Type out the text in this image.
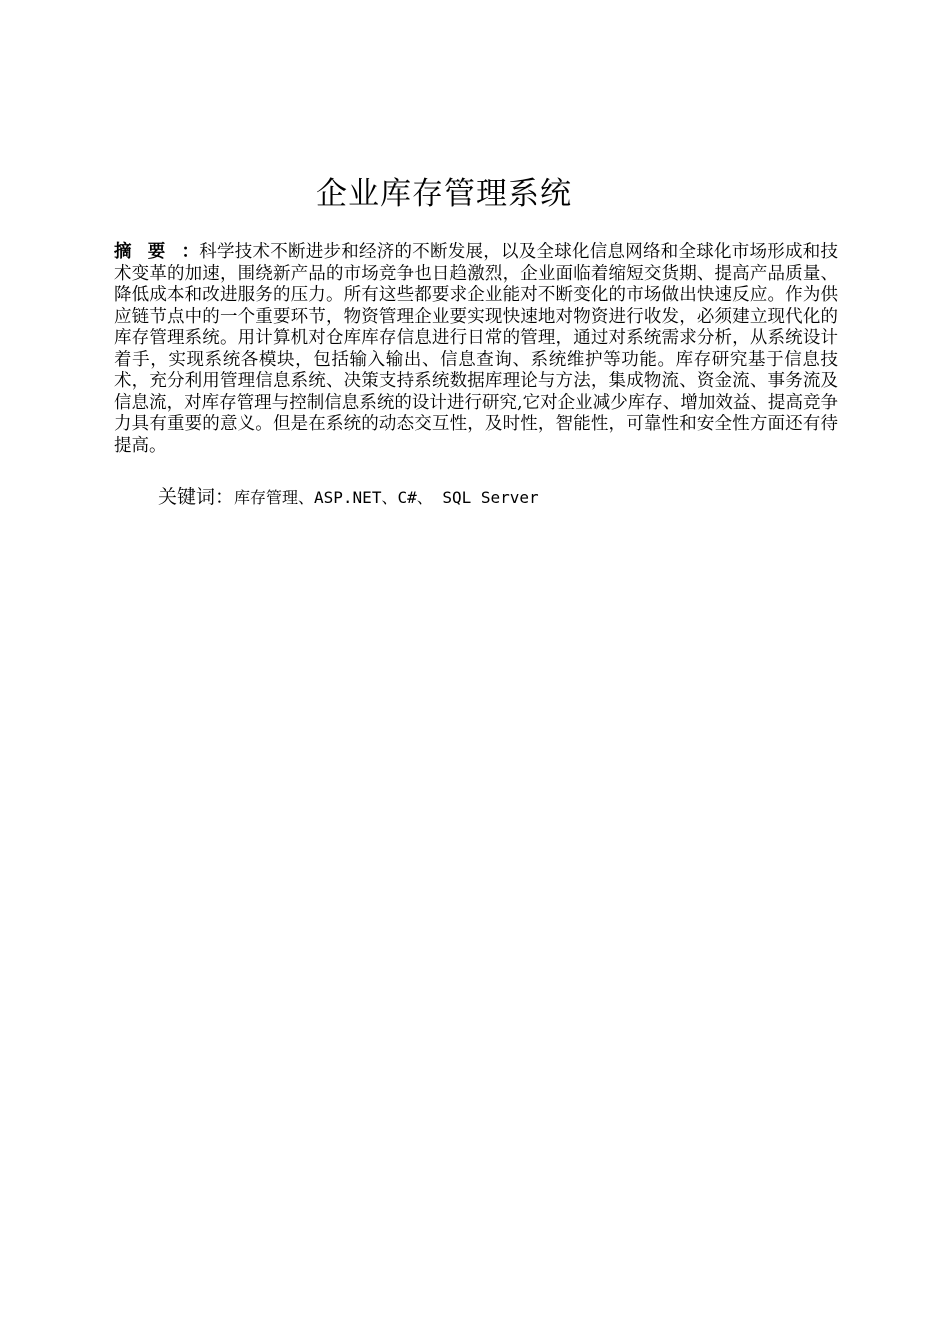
企业库存管理系统

摘要：科学技术不断进步和经济的不断发展，以及全球化信息网络和全球化市场形成和技术变革的加速，围绕新产品的市场竞争也日趋激烈，企业面临着缩短交货期、提高产品质量、降低成本和改进服务的压力。所有这些都要求企业能对不断变化的市场做出快速反应。作为供应链节点中的一个重要环节，物资管理企业要实现快速地对物资进行收发，必须建立现代化的库存管理系统。用计算机对仓库库存信息进行日常的管理，通过对系统需求分析，从系统设计着手，实现系统各模块，包括输入输出、信息查询、系统维护等功能。库存研究基于信息技术，充分利用管理信息系统、决策支持系统数据库理论与方法，集成物流、资金流、事务流及信息流，对库存管理与控制信息系统的设计进行研究,它对企业减少库存、增加效益、提高竞争力具有重要的意义。但是在系统的动态交互性，及时性，智能性，可靠性和安全性方面还有待提高。

关键词：库存管理、ASP.NET、C#、 SQL Server
